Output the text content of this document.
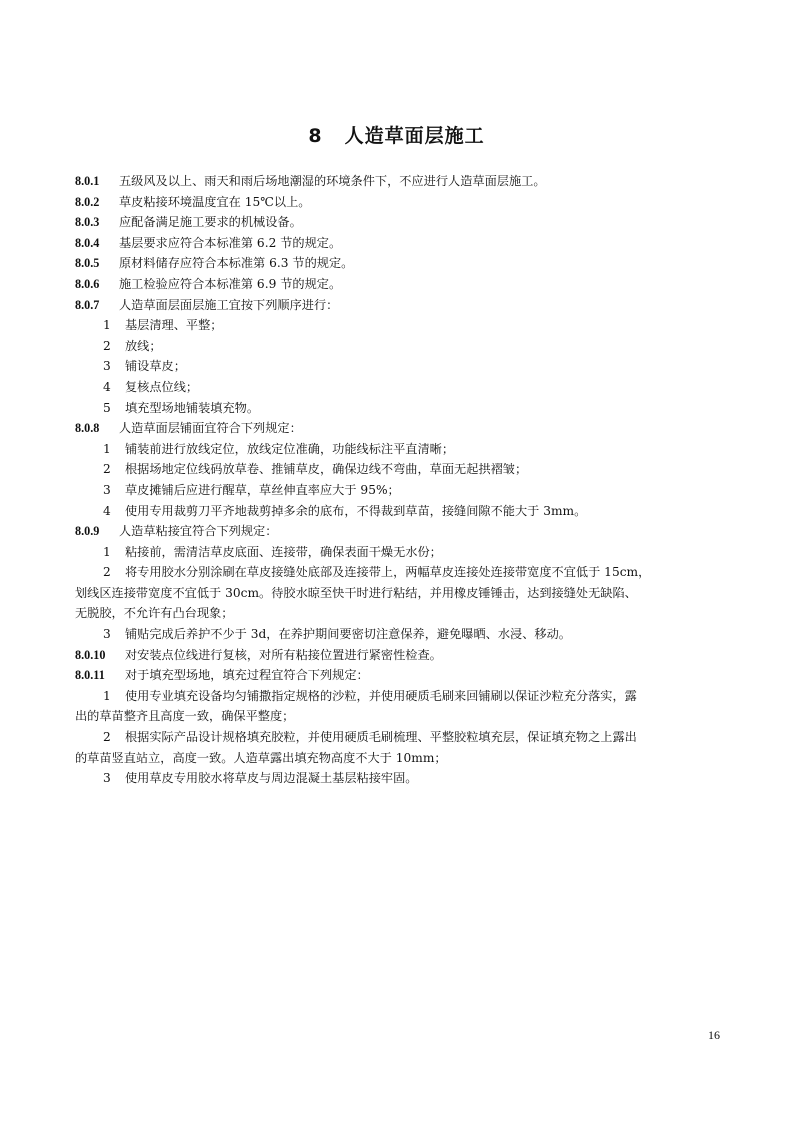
8 人造草面层施工
8.0.1 五级风及以上、雨天和雨后场地潮湿的环境条件下，不应进行人造草面层施工。
8.0.2 草皮粘接环境温度宜在 15℃以上。
8.0.3 应配备满足施工要求的机械设备。
8.0.4 基层要求应符合本标准第 6.2 节的规定。
8.0.5 原材料储存应符合本标准第 6.3 节的规定。
8.0.6 施工检验应符合本标准第 6.9 节的规定。
8.0.7 人造草面层面层施工宜按下列顺序进行：
1 基层清理、平整；
2 放线；
3 铺设草皮；
4 复核点位线；
5 填充型场地铺装填充物。
8.0.8 人造草面层铺面宜符合下列规定：
1 铺装前进行放线定位，放线定位准确，功能线标注平直清晰；
2 根据场地定位线码放草卷、推铺草皮，确保边线不弯曲，草面无起拱褶皱；
3 草皮摊铺后应进行醒草，草丝伸直率应大于 95%；
4 使用专用裁剪刀平齐地裁剪掉多余的底布，不得裁到草苗，接缝间隙不能大于 3mm。
8.0.9 人造草粘接宜符合下列规定：
1 粘接前，需清洁草皮底面、连接带，确保表面干燥无水份；
2 将专用胶水分别涂刷在草皮接缝处底部及连接带上，两幅草皮连接处连接带宽度不宜低于 15cm，
划线区连接带宽度不宜低于 30cm。待胶水晾至快干时进行粘结，并用橡皮锤锤击，达到接缝处无缺陷、
无脱胶，不允许有凸台现象；
3 铺贴完成后养护不少于 3d，在养护期间要密切注意保养，避免曝晒、水浸、移动。
8.0.10 对安装点位线进行复核，对所有粘接位置进行紧密性检查。
8.0.11 对于填充型场地，填充过程宜符合下列规定：
1 使用专业填充设备均匀铺撒指定规格的沙粒，并使用硬质毛刷来回铺刷以保证沙粒充分落实，露
出的草苗整齐且高度一致，确保平整度；
2 根据实际产品设计规格填充胶粒，并使用硬质毛刷梳理、平整胶粒填充层，保证填充物之上露出
的草苗竖直站立，高度一致。人造草露出填充物高度不大于 10mm；
3 使用草皮专用胶水将草皮与周边混凝土基层粘接牢固。
16
